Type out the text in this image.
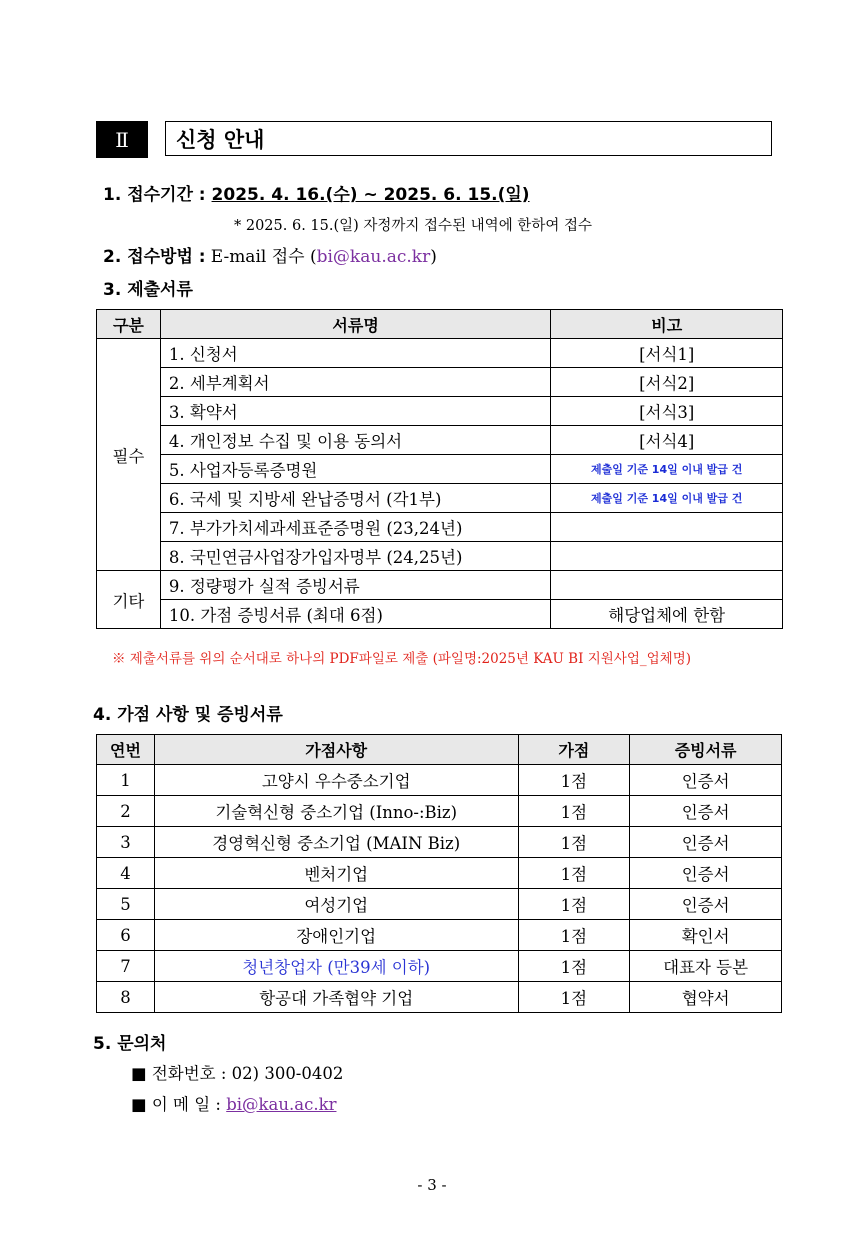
Ⅱ	신청 안내
1. 접수기간 : 2025. 4. 16.(수) ~ 2025. 6. 15.(일)
* 2025. 6. 15.(일) 자정까지 접수된 내역에 한하여 접수
2. 접수방법 : E-mail 접수 (bi@kau.ac.kr)
3. 제출서류
구분	서류명	비고
필수	1. 신청서	[서식1]
	2. 세부계획서	[서식2]
	3. 확약서	[서식3]
	4. 개인정보 수집 및 이용 동의서	[서식4]
	5. 사업자등록증명원	제출일 기준 14일 이내 발급 건
	6. 국세 및 지방세 완납증명서 (각1부)	제출일 기준 14일 이내 발급 건
	7. 부가가치세과세표준증명원 (23,24년)	
	8. 국민연금사업장가입자명부 (24,25년)	
기타	9. 정량평가 실적 증빙서류	
	10. 가점 증빙서류 (최대 6점)	해당업체에 한함
※ 제출서류를 위의 순서대로 하나의 PDF파일로 제출 (파일명:2025년 KAU BI 지원사업_업체명)
4. 가점 사항 및 증빙서류
연번	가점사항	가점	증빙서류
1	고양시 우수중소기업	1점	인증서
2	기술혁신형 중소기업 (Inno-:Biz)	1점	인증서
3	경영혁신형 중소기업 (MAIN Biz)	1점	인증서
4	벤처기업	1점	인증서
5	여성기업	1점	인증서
6	장애인기업	1점	확인서
7	청년창업자 (만39세 이하)	1점	대표자 등본
8	항공대 가족협약 기업	1점	협약서
5. 문의처
■ 전화번호 : 02) 300-0402
■ 이 메 일 : bi@kau.ac.kr
- 3 -
